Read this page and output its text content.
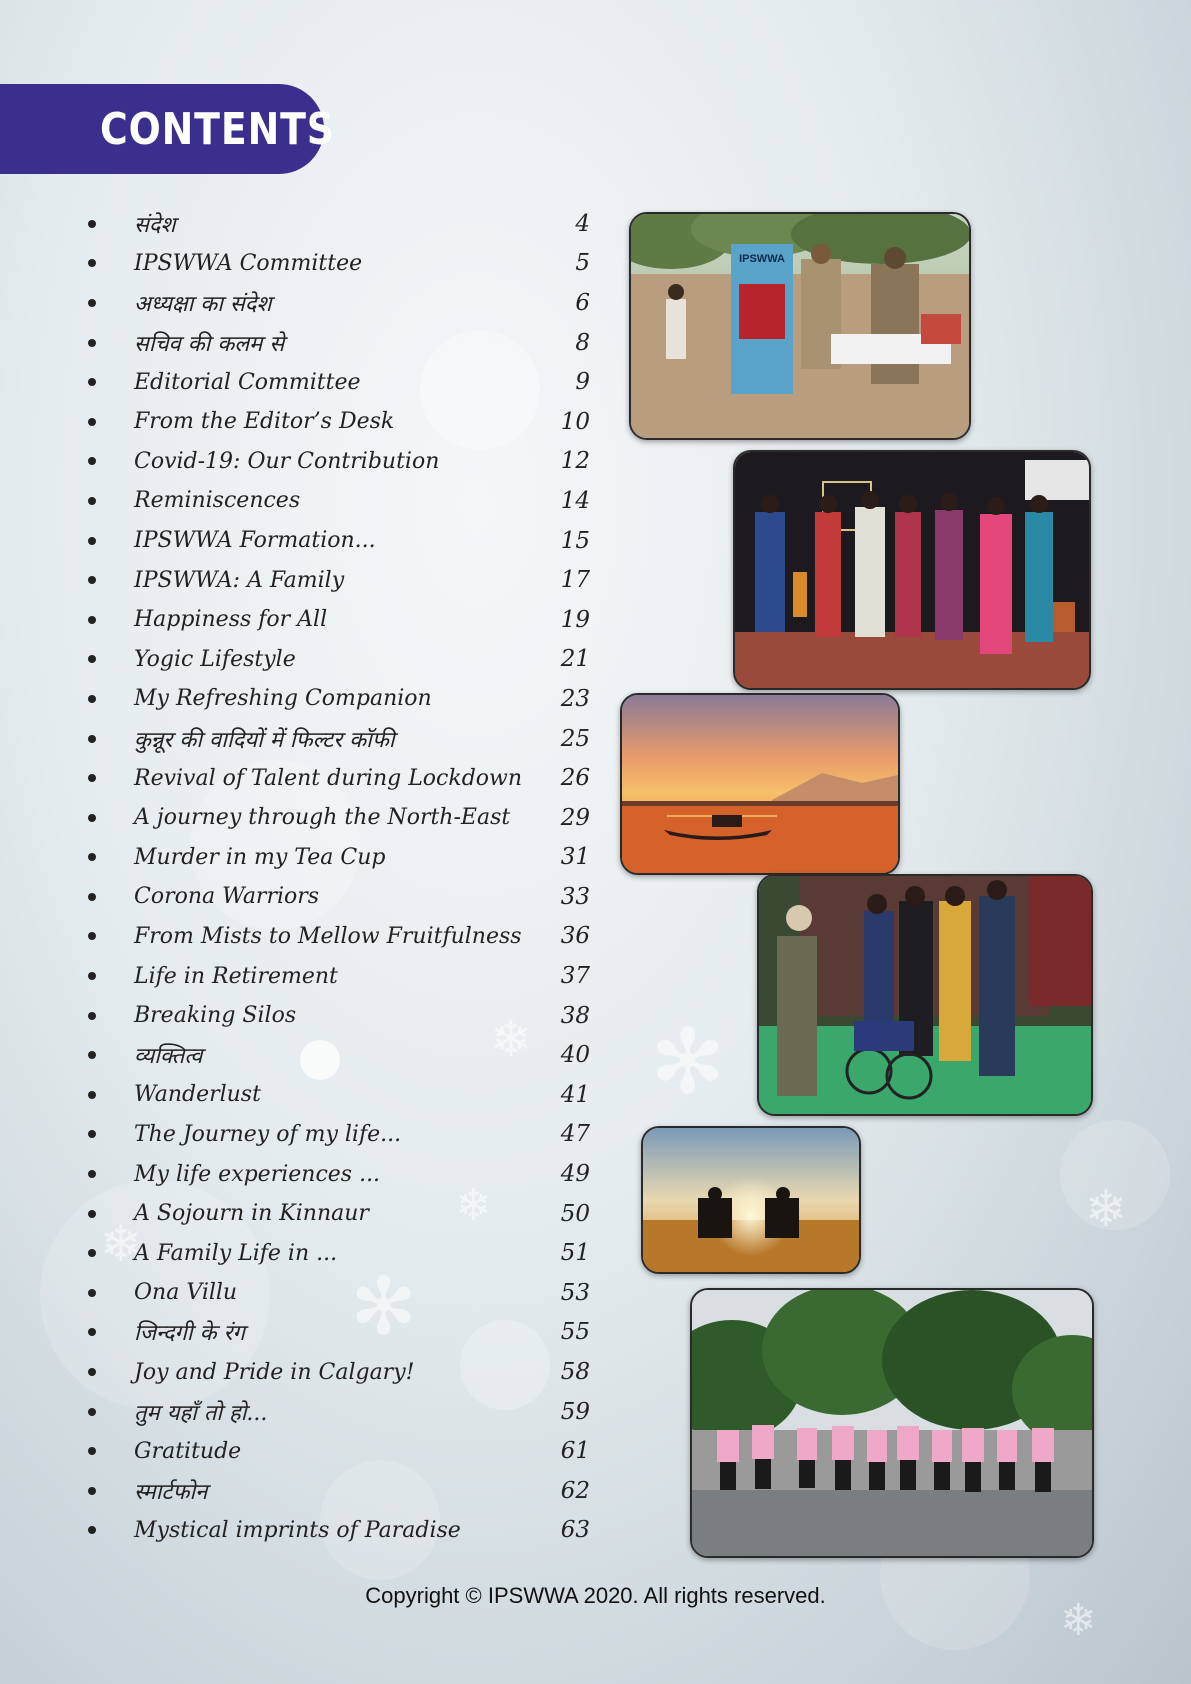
✻
❄
❄	❄
❄
✻
❄
CONTENTS
संदेश	4
IPSWWA Committee	5
अध्यक्षा का संदेश	6
सचिव की कलम से	8
Editorial Committee	9
From the Editor’s Desk	10
Covid-19: Our Contribution	12
Reminiscences	14
IPSWWA Formation...	15
IPSWWA: A Family	17
Happiness for All	19
Yogic Lifestyle	21
My Refreshing Companion	23
कुन्नूर की वादियों में फिल्टर कॉफी	25
Revival of Talent during Lockdown 26
A journey through the North-East 29
Murder in my Tea Cup	31
Corona Warriors	33
From Mists to Mellow Fruitfulness 36
Life in Retirement	37
Breaking Silos	38
व्यक्तित्व	40
Wanderlust	41
The Journey of my life...	47
My life experiences ...	49
A Sojourn in Kinnaur	50
A Family Life in ...	51
Ona Villu	53
जिन्दगी के रंग	55
Joy and Pride in Calgary!	58
तुम यहाँ तो हो...	59
Gratitude	61
स्मार्टफोन	62
Mystical imprints of Paradise	63
IPSWWA
Copyright © IPSWWA 2020. All rights reserved.
